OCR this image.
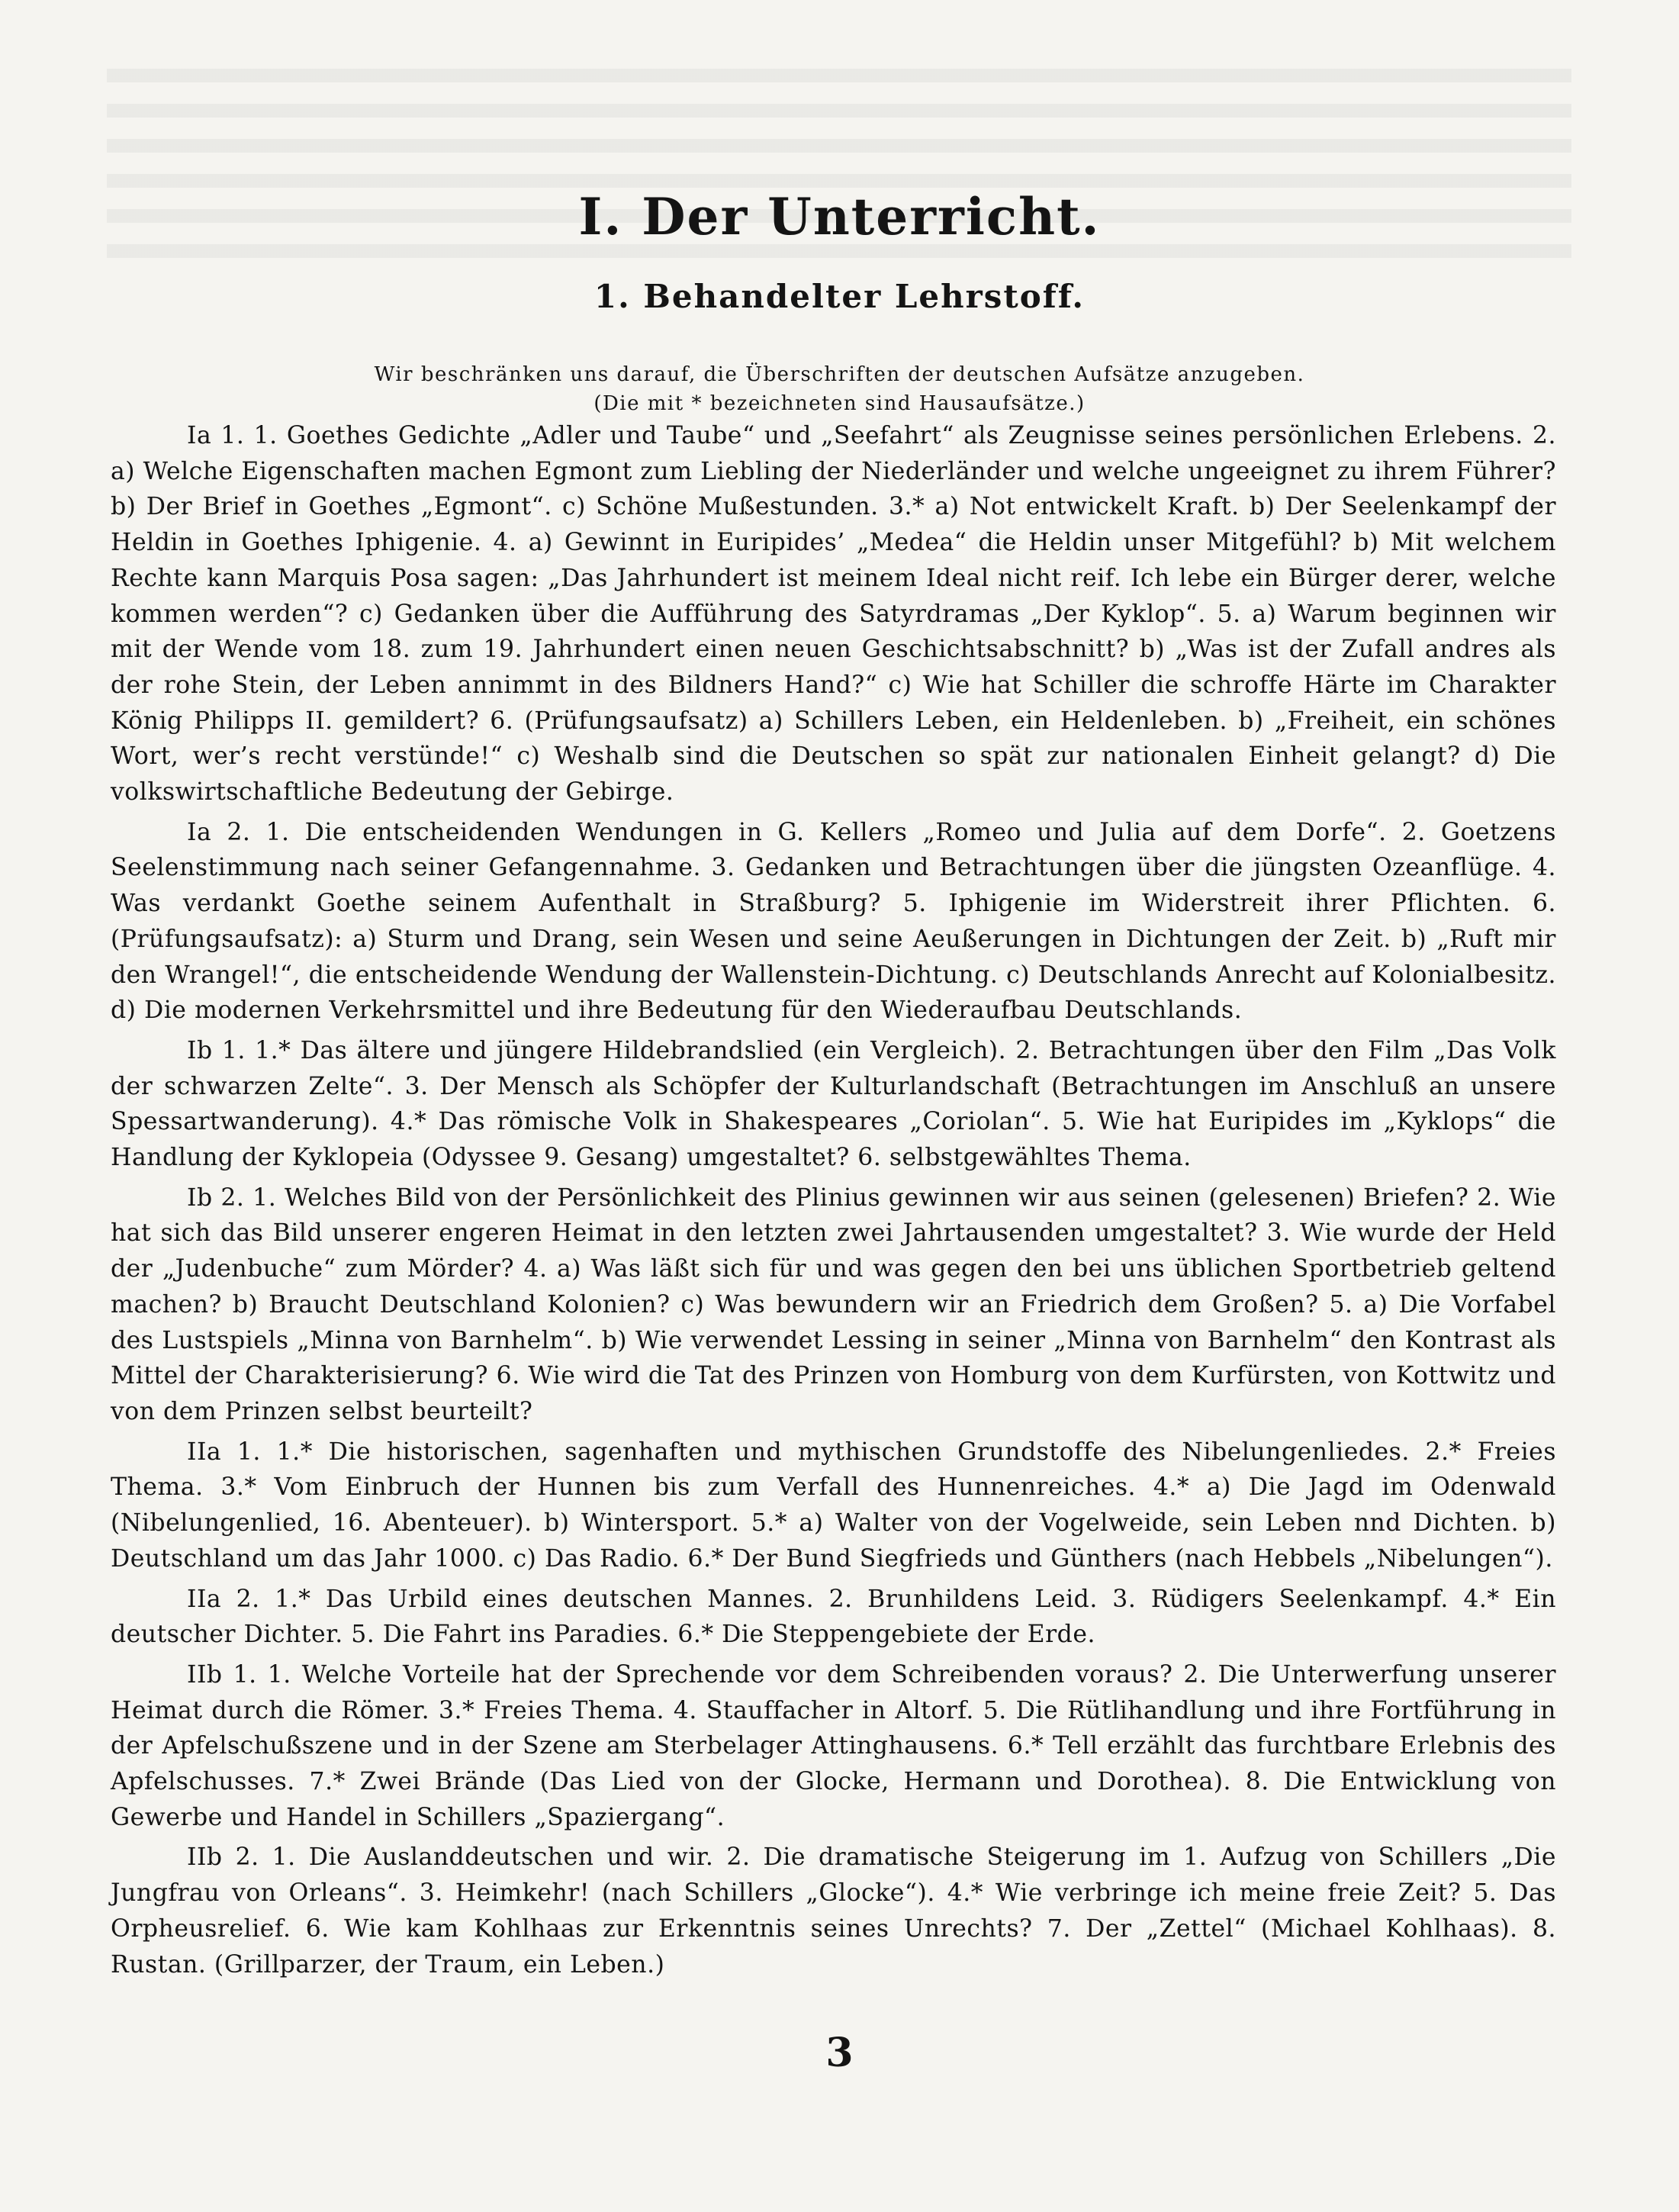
I. Der Unterricht.
1. Behandelter Lehrstoff.

Wir beschränken uns darauf, die Überschriften der deutschen Aufsätze anzugeben.

(Die mit * bezeichneten sind Hausaufsätze.)

Ia 1. 1. Goethes Gedichte „Adler und Taube“ und „Seefahrt“ als Zeugnisse seines persönlichen Erlebens. 2. a) Welche Eigenschaften machen Egmont zum Liebling der Niederländer und welche ungeeignet zu ihrem Führer? b) Der Brief in Goethes „Egmont“. c) Schöne Mußestunden. 3.* a) Not entwickelt Kraft. b) Der Seelenkampf der Heldin in Goethes Iphigenie. 4. a) Gewinnt in Euripides’ „Medea“ die Heldin unser Mitgefühl? b) Mit welchem Rechte kann Marquis Posa sagen: „Das Jahrhundert ist meinem Ideal nicht reif. Ich lebe ein Bürger derer, welche kommen werden“? c) Gedanken über die Aufführung des Satyrdramas „Der Kyklop“. 5. a) Warum beginnen wir mit der Wende vom 18. zum 19. Jahrhundert einen neuen Geschichtsabschnitt? b) „Was ist der Zufall andres als der rohe Stein, der Leben annimmt in des Bildners Hand?“ c) Wie hat Schiller die schroffe Härte im Charakter König Philipps II. gemildert? 6. (Prüfungsaufsatz) a) Schillers Leben, ein Heldenleben. b) „Freiheit, ein schönes Wort, wer’s recht verstünde!“ c) Weshalb sind die Deutschen so spät zur nationalen Einheit gelangt? d) Die volkswirtschaftliche Bedeutung der Gebirge.

Ia 2. 1. Die entscheidenden Wendungen in G. Kellers „Romeo und Julia auf dem Dorfe“. 2. Goetzens Seelenstimmung nach seiner Gefangennahme. 3. Gedanken und Betrachtungen über die jüngsten Ozeanflüge. 4. Was verdankt Goethe seinem Aufenthalt in Straßburg? 5. Iphigenie im Widerstreit ihrer Pflichten. 6. (Prüfungsaufsatz): a) Sturm und Drang, sein Wesen und seine Aeußerungen in Dichtungen der Zeit. b) „Ruft mir den Wrangel!“, die entscheidende Wendung der Wallenstein-Dichtung. c) Deutschlands Anrecht auf Kolonialbesitz. d) Die modernen Verkehrsmittel und ihre Bedeutung für den Wiederaufbau Deutschlands.

Ib 1. 1.* Das ältere und jüngere Hildebrandslied (ein Vergleich). 2. Betrachtungen über den Film „Das Volk der schwarzen Zelte“. 3. Der Mensch als Schöpfer der Kulturlandschaft (Betrachtungen im Anschluß an unsere Spessartwanderung). 4.* Das römische Volk in Shakespeares „Coriolan“. 5. Wie hat Euripides im „Kyklops“ die Handlung der Kyklopeia (Odyssee 9. Gesang) umgestaltet? 6. selbstgewähltes Thema.

Ib 2. 1. Welches Bild von der Persönlichkeit des Plinius gewinnen wir aus seinen (gelesenen) Briefen? 2. Wie hat sich das Bild unserer engeren Heimat in den letzten zwei Jahrtausenden umgestaltet? 3. Wie wurde der Held der „Judenbuche“ zum Mörder? 4. a) Was läßt sich für und was gegen den bei uns üblichen Sportbetrieb geltend machen? b) Braucht Deutschland Kolonien? c) Was bewundern wir an Friedrich dem Großen? 5. a) Die Vorfabel des Lustspiels „Minna von Barnhelm“. b) Wie verwendet Lessing in seiner „Minna von Barnhelm“ den Kontrast als Mittel der Charakterisierung? 6. Wie wird die Tat des Prinzen von Homburg von dem Kurfürsten, von Kottwitz und von dem Prinzen selbst beurteilt?

IIa 1. 1.* Die historischen, sagenhaften und mythischen Grundstoffe des Nibelungenliedes. 2.* Freies Thema. 3.* Vom Einbruch der Hunnen bis zum Verfall des Hunnenreiches. 4.* a) Die Jagd im Odenwald (Nibelungenlied, 16. Abenteuer). b) Wintersport. 5.* a) Walter von der Vogelweide, sein Leben nnd Dichten. b) Deutschland um das Jahr 1000. c) Das Radio. 6.* Der Bund Siegfrieds und Günthers (nach Hebbels „Nibelungen“).

IIa 2. 1.* Das Urbild eines deutschen Mannes. 2. Brunhildens Leid. 3. Rüdigers Seelenkampf. 4.* Ein deutscher Dichter. 5. Die Fahrt ins Paradies. 6.* Die Steppengebiete der Erde.

IIb 1. 1. Welche Vorteile hat der Sprechende vor dem Schreibenden voraus? 2. Die Unterwerfung unserer Heimat durch die Römer. 3.* Freies Thema. 4. Stauffacher in Altorf. 5. Die Rütlihandlung und ihre Fortführung in der Apfelschußszene und in der Szene am Sterbelager Attinghausens. 6.* Tell erzählt das furchtbare Erlebnis des Apfelschusses. 7.* Zwei Brände (Das Lied von der Glocke, Hermann und Dorothea). 8. Die Entwicklung von Gewerbe und Handel in Schillers „Spaziergang“.

IIb 2. 1. Die Auslanddeutschen und wir. 2. Die dramatische Steigerung im 1. Aufzug von Schillers „Die Jungfrau von Orleans“. 3. Heimkehr! (nach Schillers „Glocke“). 4.* Wie verbringe ich meine freie Zeit? 5. Das Orpheusrelief. 6. Wie kam Kohlhaas zur Erkenntnis seines Unrechts? 7. Der „Zettel“ (Michael Kohlhaas). 8. Rustan. (Grillparzer, der Traum, ein Leben.)

3
